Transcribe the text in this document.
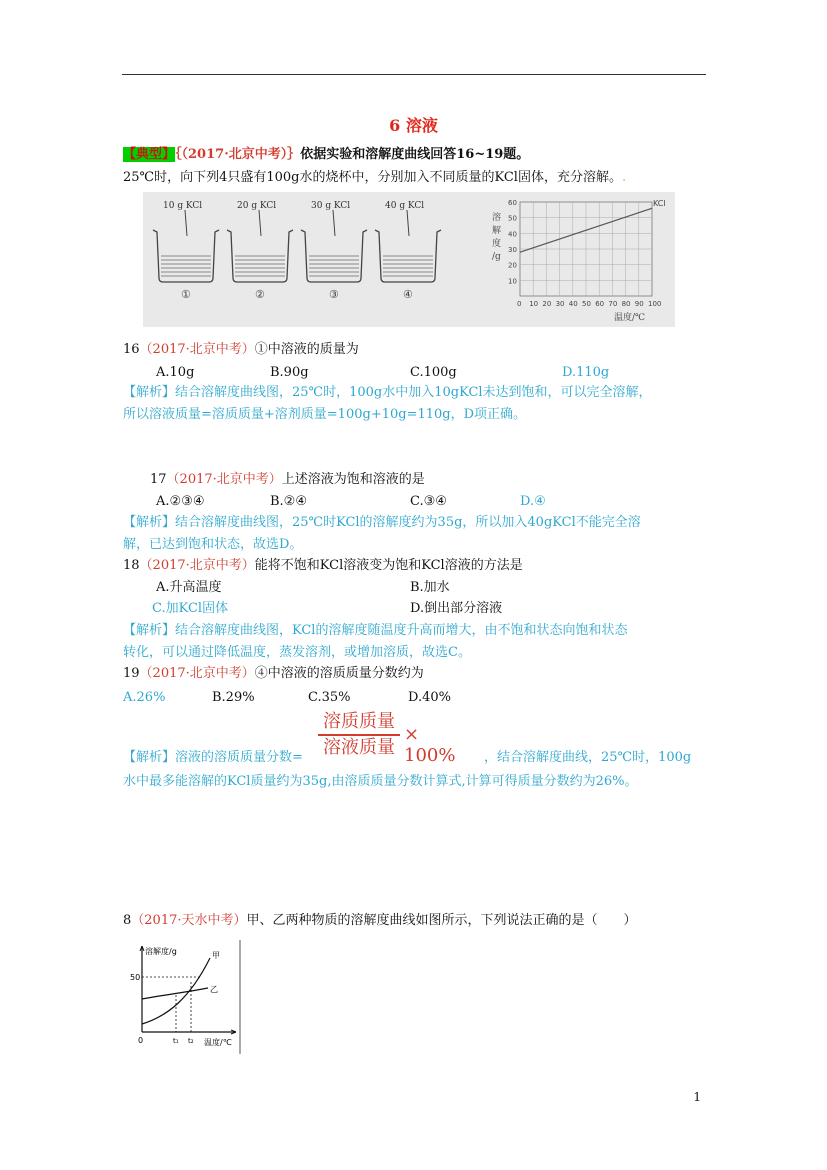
6 溶液
【典型】｛（2017·北京中考）｝依据实验和溶解度曲线回答16~19题。
25℃时，向下列4只盛有100g水的烧杯中，分别加入不同质量的KCl固体，充分溶解。.
10 g KCl
①
20 g KCl
②
30 g KCl
③
40 g KCl
④
60
50
40
30
20
10
0 10 20 30 40 50 60 70 80 90 100
溶
解
度
/g
温度/℃
KCl
16（2017·北京中考）①中溶液的质量为
A.10g	B.90g	C.100g	D.110g
【解析】结合溶解度曲线图，25℃时，100g水中加入10gKCl未达到饱和，可以完全溶解，
所以溶液质量=溶质质量+溶剂质量=100g+10g=110g，D项正确。
17（2017·北京中考）上述溶液为饱和溶液的是
A.②③④	B.②④	C.③④	D.④
【解析】结合溶解度曲线图，25℃时KCl的溶解度约为35g，所以加入40gKCl不能完全溶
解，已达到饱和状态，故选D。
18（2017·北京中考）能将不饱和KCl溶液变为饱和KCl溶液的方法是
A.升高温度	B.加水
C.加KCl固体	D.倒出部分溶液
【解析】结合溶解度曲线图，KCl的溶解度随温度升高而增大，由不饱和状态向饱和状态
转化，可以通过降低温度，蒸发溶剂，或增加溶质，故选C。
19（2017·北京中考）④中溶液的溶质质量分数约为
A.26%	B.29%	C.35%	D.40%
溶质质量
溶液质量
× 100%
【解析】溶液的溶质质量分数=	，结合溶解度曲线，25℃时，100g
水中最多能溶解的KCl质量约为35g,由溶质质量分数计算式,计算可得质量分数约为26%。
8（2017·天水中考）甲、乙两种物质的溶解度曲线如图所示，下列说法正确的是（　　）
溶解度/g
50
0
甲
乙
t₁ t₂ 温度/℃
1
